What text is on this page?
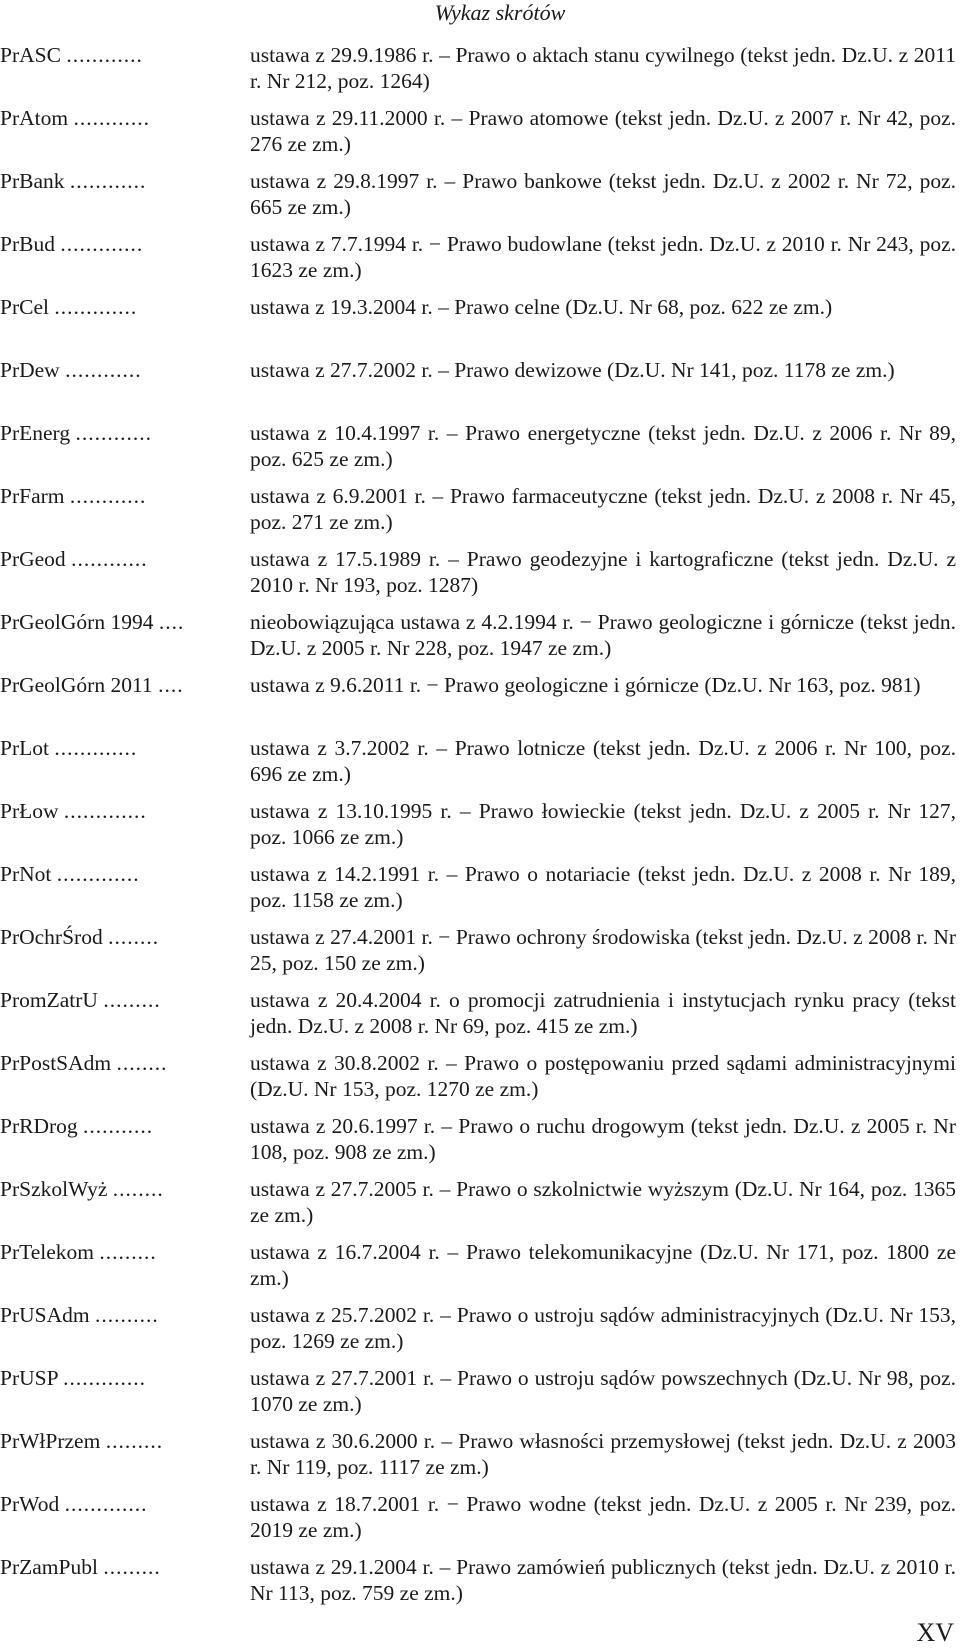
Wykaz skrótów
PrASC ............	ustawa z 29.9.1986 r. – Prawo o aktach stanu cywilnego (tekst jedn. Dz.U. z 2011 r. Nr 212, poz. 1264)
PrAtom ............	ustawa z 29.11.2000 r. – Prawo atomowe (tekst jedn. Dz.U. z 2007 r. Nr 42, poz. 276 ze zm.)
PrBank ............	ustawa z 29.8.1997 r. – Prawo bankowe (tekst jedn. Dz.U. z 2002 r. Nr 72, poz. 665 ze zm.)
PrBud .............	ustawa z 7.7.1994 r. − Prawo budowlane (tekst jedn. Dz.U. z 2010 r. Nr 243, poz. 1623 ze zm.)
PrCel .............	ustawa z 19.3.2004 r. – Prawo celne (Dz.U. Nr 68, poz. 622 ze zm.)
PrDew ............	ustawa z 27.7.2002 r. – Prawo dewizowe (Dz.U. Nr 141, poz. 1178 ze zm.)
PrEnerg ............	ustawa z 10.4.1997 r. – Prawo energetyczne (tekst jedn. Dz.U. z 2006 r. Nr 89, poz. 625 ze zm.)
PrFarm ............	ustawa z 6.9.2001 r. – Prawo farmaceutyczne (tekst jedn. Dz.U. z 2008 r. Nr 45, poz. 271 ze zm.)
PrGeod ............	ustawa z 17.5.1989 r. – Prawo geodezyjne i kartograficzne (tekst jedn. Dz.U. z 2010 r. Nr 193, poz. 1287)
PrGeolGórn 1994 ....	nieobowiązująca ustawa z 4.2.1994 r. − Prawo geologiczne i górnicze (tekst jedn. Dz.U. z 2005 r. Nr 228, poz. 1947 ze zm.)
PrGeolGórn 2011 ....	ustawa z 9.6.2011 r. − Prawo geologiczne i górnicze (Dz.U. Nr 163, poz. 981)
PrLot .............	ustawa z 3.7.2002 r. – Prawo lotnicze (tekst jedn. Dz.U. z 2006 r. Nr 100, poz. 696 ze zm.)
PrŁow .............	ustawa z 13.10.1995 r. – Prawo łowieckie (tekst jedn. Dz.U. z 2005 r. Nr 127, poz. 1066 ze zm.)
PrNot .............	ustawa z 14.2.1991 r. – Prawo o notariacie (tekst jedn. Dz.U. z 2008 r. Nr 189, poz. 1158 ze zm.)
PrOchrŚrod ........	ustawa z 27.4.2001 r. − Prawo ochrony środowiska (tekst jedn. Dz.U. z 2008 r. Nr 25, poz. 150 ze zm.)
PromZatrU .........	ustawa z 20.4.2004 r. o promocji zatrudnienia i instytucjach rynku pracy (tekst jedn. Dz.U. z 2008 r. Nr 69, poz. 415 ze zm.)
PrPostSAdm ........	ustawa z 30.8.2002 r. – Prawo o postępowaniu przed sądami administracyjnymi (Dz.U. Nr 153, poz. 1270 ze zm.)
PrRDrog ...........	ustawa z 20.6.1997 r. – Prawo o ruchu drogowym (tekst jedn. Dz.U. z 2005 r. Nr 108, poz. 908 ze zm.)
PrSzkolWyż ........	ustawa z 27.7.2005 r. – Prawo o szkolnictwie wyższym (Dz.U. Nr 164, poz. 1365 ze zm.)
PrTelekom .........	ustawa z 16.7.2004 r. – Prawo telekomunikacyjne (Dz.U. Nr 171, poz. 1800 ze zm.)
PrUSAdm ..........	ustawa z 25.7.2002 r. – Prawo o ustroju sądów administracyjnych (Dz.U. Nr 153, poz. 1269 ze zm.)
PrUSP .............	ustawa z 27.7.2001 r. – Prawo o ustroju sądów powszechnych (Dz.U. Nr 98, poz. 1070 ze zm.)
PrWłPrzem .........	ustawa z 30.6.2000 r. – Prawo własności przemysłowej (tekst jedn. Dz.U. z 2003 r. Nr 119, poz. 1117 ze zm.)
PrWod .............	ustawa z 18.7.2001 r. − Prawo wodne (tekst jedn. Dz.U. z 2005 r. Nr 239, poz. 2019 ze zm.)
PrZamPubl .........	ustawa z 29.1.2004 r. – Prawo zamówień publicznych (tekst jedn. Dz.U. z 2010 r. Nr 113, poz. 759 ze zm.)
XV
